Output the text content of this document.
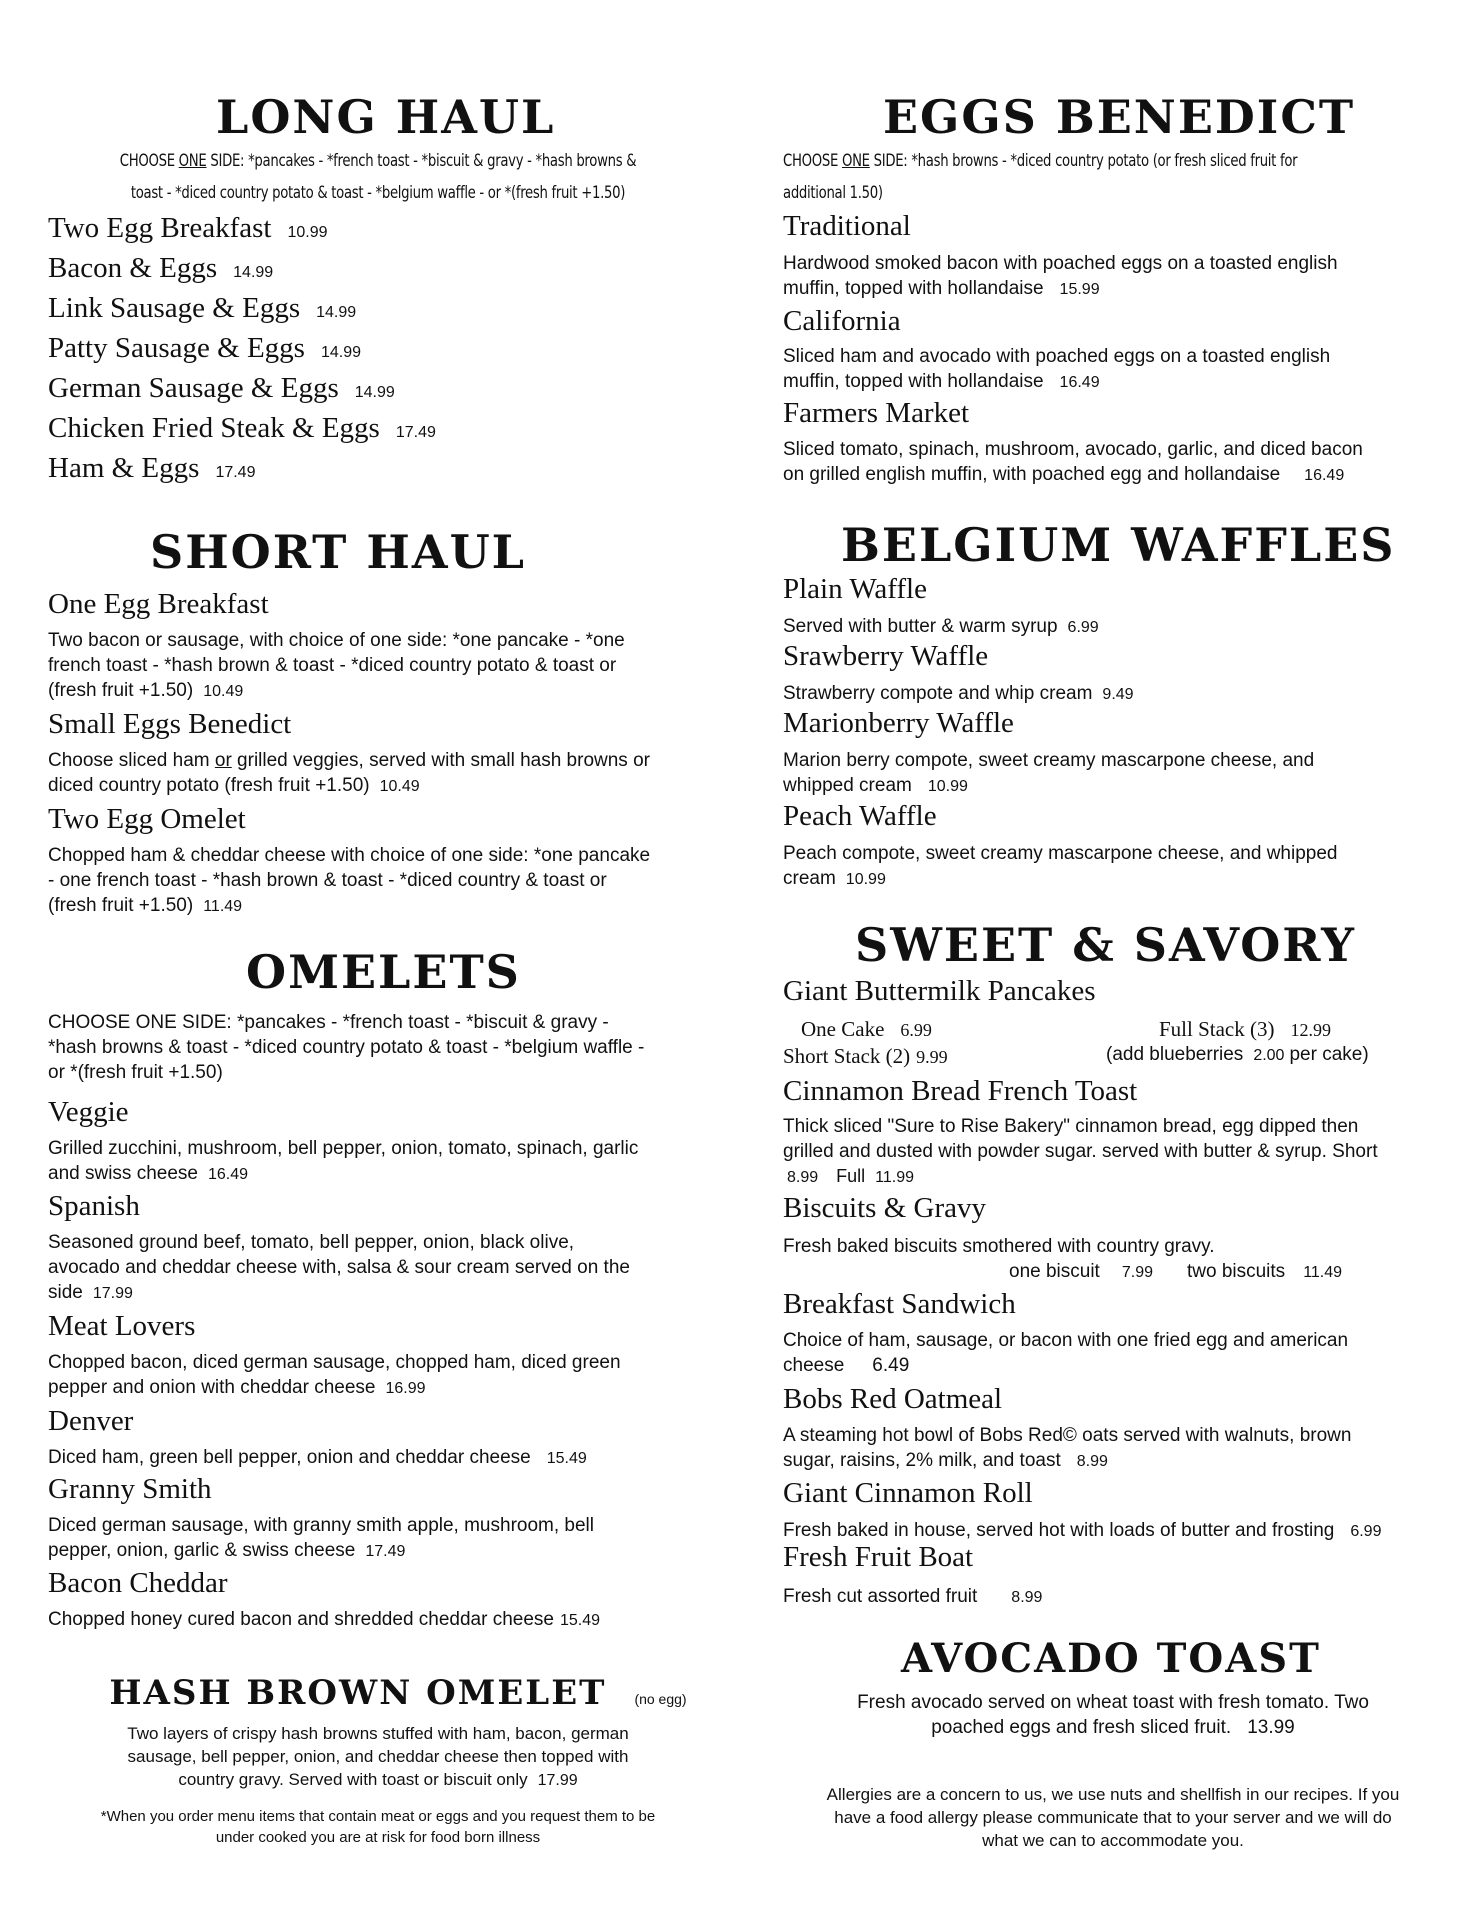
LONG HAUL
CHOOSE ONE SIDE: *pancakes - *french toast - *biscuit & gravy - *hash browns &
toast - *diced country potato & toast - *belgium waffle - or *(fresh fruit +1.50)
Two Egg Breakfast 10.99
Bacon & Eggs 14.99
Link Sausage & Eggs 14.99
Patty Sausage & Eggs 14.99
German Sausage & Eggs 14.99
Chicken Fried Steak & Eggs 17.49
Ham & Eggs 17.49
SHORT HAUL
One Egg Breakfast
Two bacon or sausage, with choice of one side: *one pancake - *one
french toast - *hash brown & toast - *diced country potato & toast or
(fresh fruit +1.50) 10.49
Small Eggs Benedict
Choose sliced ham or grilled veggies, served with small hash browns or
diced country potato (fresh fruit +1.50) 10.49
Two Egg Omelet
Chopped ham & cheddar cheese with choice of one side: *one pancake
- one french toast - *hash brown & toast - *diced country & toast or
(fresh fruit +1.50) 11.49
OMELETS
CHOOSE ONE SIDE: *pancakes - *french toast - *biscuit & gravy -
*hash browns & toast - *diced country potato & toast - *belgium waffle -
or *(fresh fruit +1.50)
Veggie
Grilled zucchini, mushroom, bell pepper, onion, tomato, spinach, garlic
and swiss cheese 16.49
Spanish
Seasoned ground beef, tomato, bell pepper, onion, black olive,
avocado and cheddar cheese with, salsa & sour cream served on the
side 17.99
Meat Lovers
Chopped bacon, diced german sausage, chopped ham, diced green
pepper and onion with cheddar cheese 16.99
Denver
Diced ham, green bell pepper, onion and cheddar cheese 15.49
Granny Smith
Diced german sausage, with granny smith apple, mushroom, bell
pepper, onion, garlic & swiss cheese 17.49
Bacon Cheddar
Chopped honey cured bacon and shredded cheddar cheese 15.49
HASH BROWN OMELET (no egg)
Two layers of crispy hash browns stuffed with ham, bacon, german
sausage, bell pepper, onion, and cheddar cheese then topped with
country gravy. Served with toast or biscuit only 17.99
*When you order menu items that contain meat or eggs and you request them to be
under cooked you are at risk for food born illness
EGGS BENEDICT
CHOOSE ONE SIDE: *hash browns - *diced country potato (or fresh sliced fruit for
additional 1.50)
Traditional
Hardwood smoked bacon with poached eggs on a toasted english
muffin, topped with hollandaise 15.99
California
Sliced ham and avocado with poached eggs on a toasted english
muffin, topped with hollandaise 16.49
Farmers Market
Sliced tomato, spinach, mushroom, avocado, garlic, and diced bacon
on grilled english muffin, with poached egg and hollandaise 16.49
BELGIUM WAFFLES
Plain Waffle
Served with butter & warm syrup 6.99
Srawberry Waffle
Strawberry compote and whip cream 9.49
Marionberry Waffle
Marion berry compote, sweet creamy mascarpone cheese, and
whipped cream 10.99
Peach Waffle
Peach compote, sweet creamy mascarpone cheese, and whipped
cream 10.99
SWEET & SAVORY
Giant Buttermilk Pancakes
One Cake 6.99	Full Stack (3) 12.99
Short Stack (2) 9.99	(add blueberries 2.00 per cake)
Cinnamon Bread French Toast
Thick sliced "Sure to Rise Bakery" cinnamon bread, egg dipped then
grilled and dusted with powder sugar. served with butter & syrup. Short
8.99 Full 11.99
Biscuits & Gravy
Fresh baked biscuits smothered with country gravy.
one biscuit 7.99 two biscuits 11.49
Breakfast Sandwich
Choice of ham, sausage, or bacon with one fried egg and american
cheese 6.49
Bobs Red Oatmeal
A steaming hot bowl of Bobs Red© oats served with walnuts, brown
sugar, raisins, 2% milk, and toast 8.99
Giant Cinnamon Roll
Fresh baked in house, served hot with loads of butter and frosting 6.99
Fresh Fruit Boat
Fresh cut assorted fruit 8.99
AVOCADO TOAST
Fresh avocado served on wheat toast with fresh tomato. Two
poached eggs and fresh sliced fruit. 13.99
Allergies are a concern to us, we use nuts and shellfish in our recipes. If you
have a food allergy please communicate that to your server and we will do
what we can to accommodate you.
